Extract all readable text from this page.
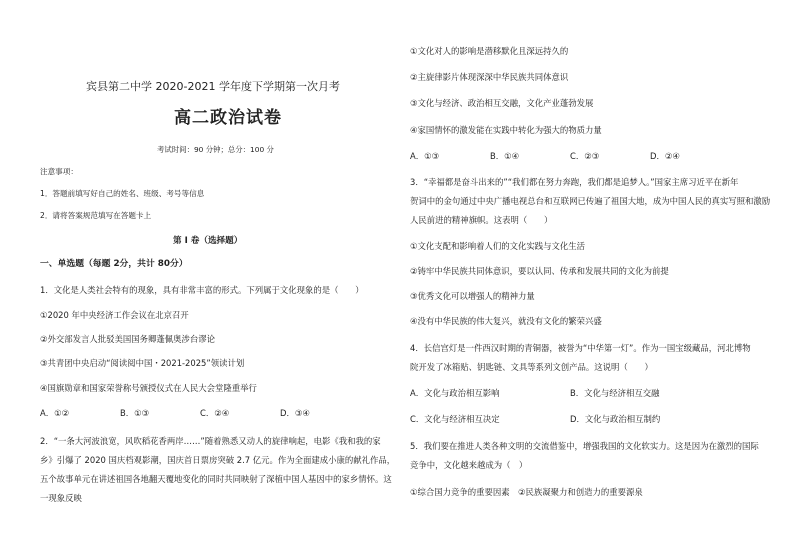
宾县第二中学 2020-2021 学年度下学期第一次月考
高二政治试卷
考试时间：90 分钟；总分：100 分
注意事项：
1．答题前填写好自己的姓名、班级、考号等信息
2．请将答案规范填写在答题卡上
第 I 卷（选择题）
一、单选题（每题 2分，共计 80分）
1．文化是人类社会特有的现象，具有非常丰富的形式。下列属于文化现象的是（　　）
①2020 年中央经济工作会议在北京召开
②外交部发言人批驳美国国务卿蓬佩奥涉台谬论
③共青团中央启动“阅读阅中国・2021-2025”领读计划
④国旗勋章和国家荣誉称号颁授仪式在人民大会堂隆重举行
A．①②	B．①③	C．②④	D．③④
2．“一条大河波浪宽，风吹稻花香两岸……”随着熟悉又动人的旋律响起，电影《我和我的家
乡》引爆了 2020 国庆档观影潮，国庆首日票房突破 2.7 亿元。作为全面建成小康的献礼作品，
五个故事单元在讲述祖国各地翻天覆地变化的同时共同映射了深植中国人基因中的家乡情怀。这
一现象反映
①文化对人的影响是潜移默化且深远持久的
②主旋律影片体现深深中华民族共同体意识
③文化与经济、政治相互交融，文化产业蓬勃发展
④家国情怀的激发能在实践中转化为强大的物质力量
A．①③	B．①④	C．②③	D．②④
3．“幸福都是奋斗出来的”“我们都在努力奔跑，我们都是追梦人。”国家主席习近平在新年
贺词中的金句通过中央广播电视总台和互联网已传遍了祖国大地，成为中国人民的真实写照和激励
人民前进的精神旗帜。这表明（　　）
①文化支配和影响着人们的文化实践与文化生活
②铸牢中华民族共同体意识，要以认同、传承和发展共同的文化为前提
③优秀文化可以增强人的精神力量
④没有中华民族的伟大复兴，就没有文化的繁荣兴盛
4．长信宫灯是一件西汉时期的青铜器，被誉为“中华第一灯”。作为一国宝级藏品，河北博物
院开发了冰箱贴、钥匙链、文具等系列文创产品。这说明（　　）
A．文化与政治相互影响	B．文化与经济相互交融
C．文化与经济相互决定	D．文化与政治相互制约
5．我们要在推进人类各种文明的交流借鉴中，增强我国的文化软实力。这是因为在激烈的国际
竞争中，文化越来越成为（　）
①综合国力竞争的重要因素　②民族凝聚力和创造力的重要源泉
